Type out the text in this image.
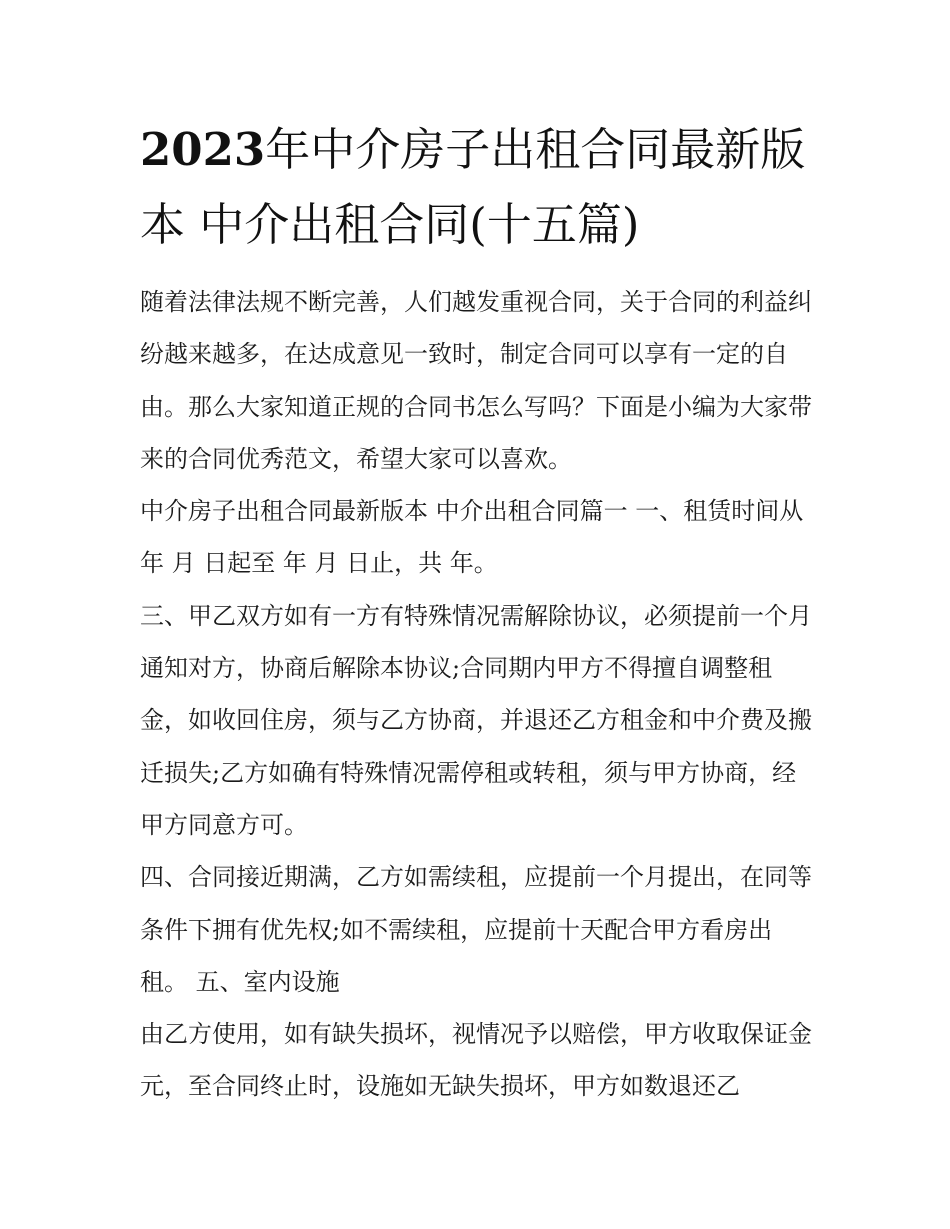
2023年中介房子出租合同最新版本 中介出租合同(十五篇)

随着法律法规不断完善，人们越发重视合同，关于合同的利益纠纷越来越多，在达成意见一致时，制定合同可以享有一定的自由。那么大家知道正规的合同书怎么写吗？下面是小编为大家带来的合同优秀范文，希望大家可以喜欢。

中介房子出租合同最新版本 中介出租合同篇一 一、租赁时间从 年 月 日起至 年 月 日止，共 年。

三、甲乙双方如有一方有特殊情况需解除协议，必须提前一个月通知对方，协商后解除本协议;合同期内甲方不得擅自调整租金，如收回住房，须与乙方协商，并退还乙方租金和中介费及搬迁损失;乙方如确有特殊情况需停租或转租，须与甲方协商，经甲方同意方可。

四、合同接近期满，乙方如需续租，应提前一个月提出，在同等条件下拥有优先权;如不需续租，应提前十天配合甲方看房出租。 五、室内设施

由乙方使用，如有缺失损坏，视情况予以赔偿，甲方收取保证金 元，至合同终止时，设施如无缺失损坏，甲方如数退还乙
